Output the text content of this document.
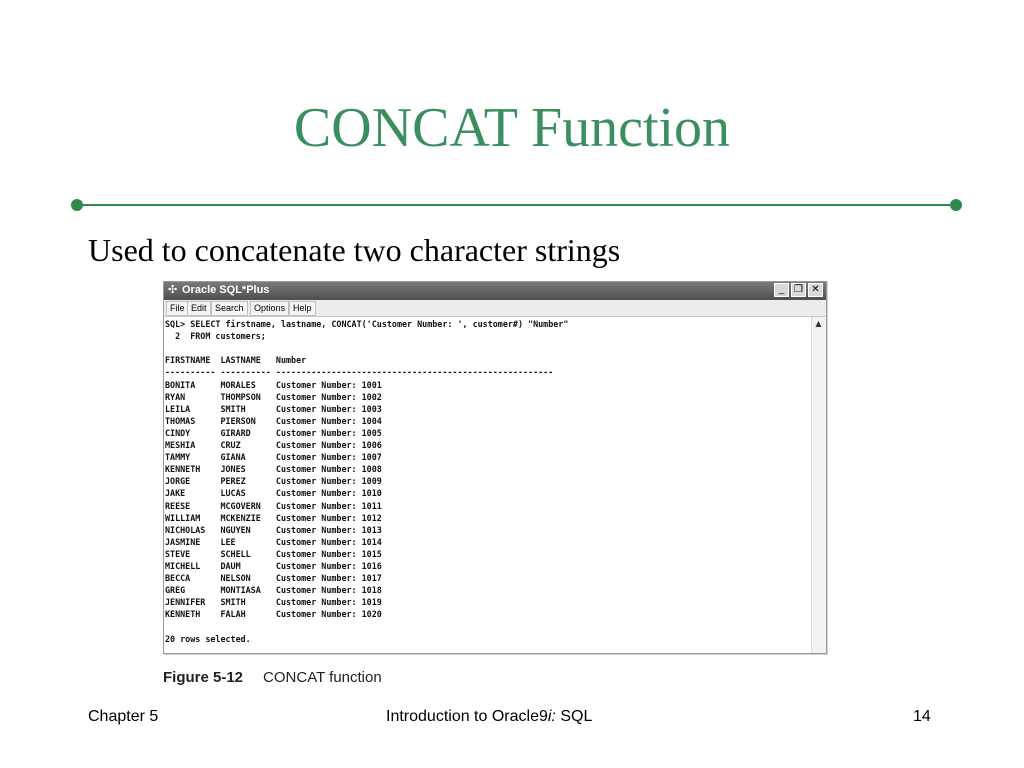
CONCAT Function
Used to concatenate two character strings
✣ Oracle SQL*Plus	_ ❐ ✕
File Edit Search	Options Help
SQL> SELECT firstname, lastname, CONCAT('Customer Number: ', customer#) "Number"
2  FROM customers;
FIRSTNAME  LASTNAME   Number
---------- ---------- -------------------------------------------------------
BONITA     MORALES    Customer Number: 1001
RYAN       THOMPSON   Customer Number: 1002
LEILA      SMITH      Customer Number: 1003
THOMAS     PIERSON    Customer Number: 1004
CINDY      GIRARD     Customer Number: 1005
MESHIA     CRUZ       Customer Number: 1006
TAMMY      GIANA      Customer Number: 1007
KENNETH    JONES      Customer Number: 1008
JORGE      PEREZ      Customer Number: 1009
JAKE       LUCAS      Customer Number: 1010
REESE      MCGOVERN   Customer Number: 1011
WILLIAM    MCKENZIE   Customer Number: 1012
NICHOLAS   NGUYEN     Customer Number: 1013
JASMINE    LEE        Customer Number: 1014
STEVE      SCHELL     Customer Number: 1015
MICHELL    DAUM       Customer Number: 1016
BECCA      NELSON     Customer Number: 1017
GREG       MONTIASA   Customer Number: 1018
JENNIFER   SMITH      Customer Number: 1019
KENNETH    FALAH      Customer Number: 1020
20 rows selected.
▲
Figure 5-12 CONCAT function
Chapter 5	Introduction to Oracle9i: SQL	14
